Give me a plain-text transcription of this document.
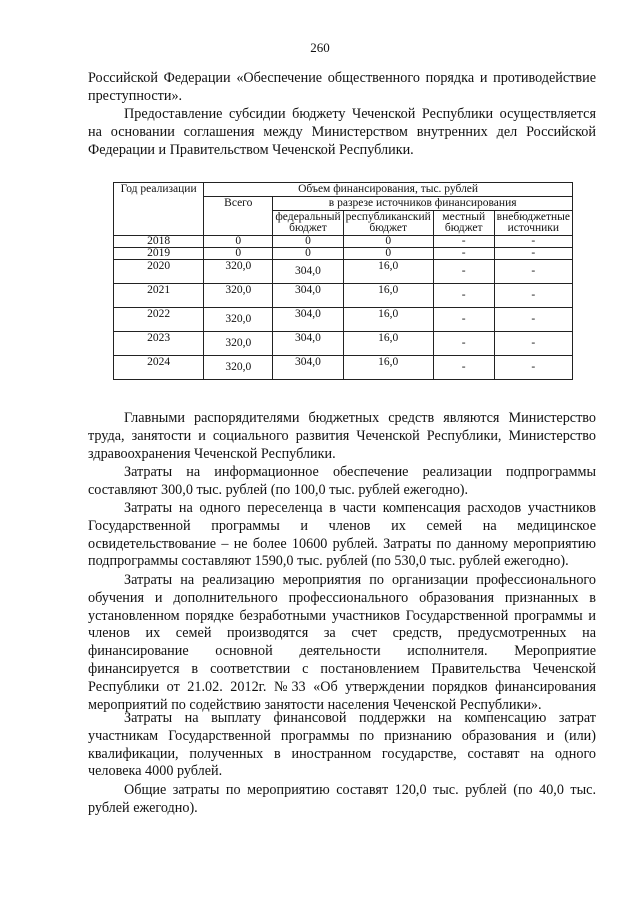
260

Российской Федерации «Обеспечение общественного порядка и противодействие преступности».

Предоставление субсидии бюджету Чеченской Республики осуществляется на основании соглашения между Министерством внутренних дел Российской Федерации и Правительством Чеченской Республики.

Год реализации	Объем финансирования, тыс. рублей				
	Всего	в разрезе источников финансирования			
		федеральный бюджет	республиканский бюджет	местный бюджет	внебюджетные источники
2018	0	0	0	-	-
2019	0	0	0	-	-
2020	320,0	304,0	16,0	-	-
2021	320,0	304,0	16,0	-	-
2022	320,0	304,0	16,0	-	-
2023	320,0	304,0	16,0	-	-
2024	320,0	304,0	16,0	-	-

Главными распорядителями бюджетных средств являются Министерство труда, занятости и социального развития Чеченской Республики, Министерство здравоохранения Чеченской Республики.

Затраты на информационное обеспечение реализации подпрограммы составляют 300,0 тыс. рублей (по 100,0 тыс. рублей ежегодно).

Затраты на одного переселенца в части компенсация расходов участников Государственной программы и членов их семей на медицинское освидетельствование – не более 10600 рублей. Затраты по данному мероприятию подпрограммы составляют 1590,0 тыс. рублей (по 530,0 тыс. рублей ежегодно).

Затраты на реализацию мероприятия по организации профессионального обучения и дополнительного профессионального образования признанных в установленном порядке безработными участников Государственной программы и членов их семей производятся за счет средств, предусмотренных на финансирование основной деятельности исполнителя. Мероприятие финансируется в соответствии с постановлением Правительства Чеченской Республики от 21.02. 2012г. №33 «Об утверждении порядков финансирования мероприятий по содействию занятости населения Чеченской Республики».

Затраты на выплату финансовой поддержки на компенсацию затрат участникам Государственной программы по признанию образования и (или) квалификации, полученных в иностранном государстве, составят на одного человека 4000 рублей.

Общие затраты по мероприятию составят 120,0 тыс. рублей (по 40,0 тыс. рублей ежегодно).
